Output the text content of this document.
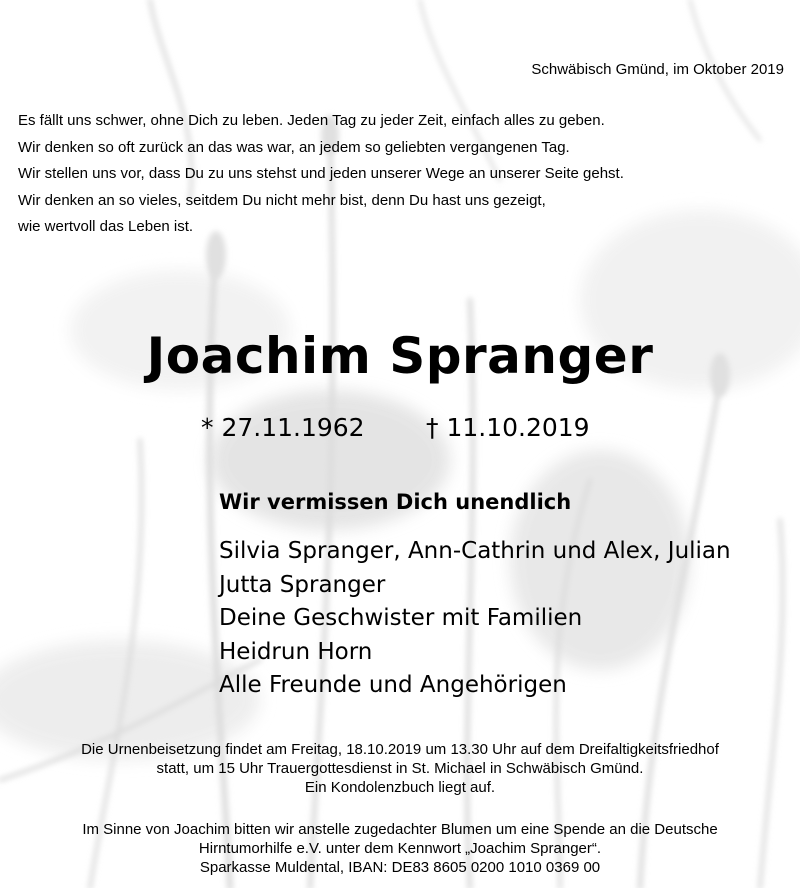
Schwäbisch Gmünd, im Oktober 2019
Es fällt uns schwer, ohne Dich zu leben. Jeden Tag zu jeder Zeit, einfach alles zu geben.
Wir denken so oft zurück an das was war, an jedem so geliebten vergangenen Tag.
Wir stellen uns vor, dass Du zu uns stehst und jeden unserer Wege an unserer Seite gehst.
Wir denken an so vieles, seitdem Du nicht mehr bist, denn Du hast uns gezeigt,
wie wertvoll das Leben ist.
Joachim Spranger
* 27.11.1962 † 11.10.2019
Wir vermissen Dich unendlich
Silvia Spranger, Ann-Cathrin und Alex, Julian
Jutta Spranger
Deine Geschwister mit Familien
Heidrun Horn
Alle Freunde und Angehörigen
Die Urnenbeisetzung findet am Freitag, 18.10.2019 um 13.30 Uhr auf dem Dreifaltigkeitsfriedhof
statt, um 15 Uhr Trauergottesdienst in St. Michael in Schwäbisch Gmünd.
Ein Kondolenzbuch liegt auf.
Im Sinne von Joachim bitten wir anstelle zugedachter Blumen um eine Spende an die Deutsche
Hirntumorhilfe e.V. unter dem Kennwort „Joachim Spranger“.
Sparkasse Muldental, IBAN: DE83 8605 0200 1010 0369 00
